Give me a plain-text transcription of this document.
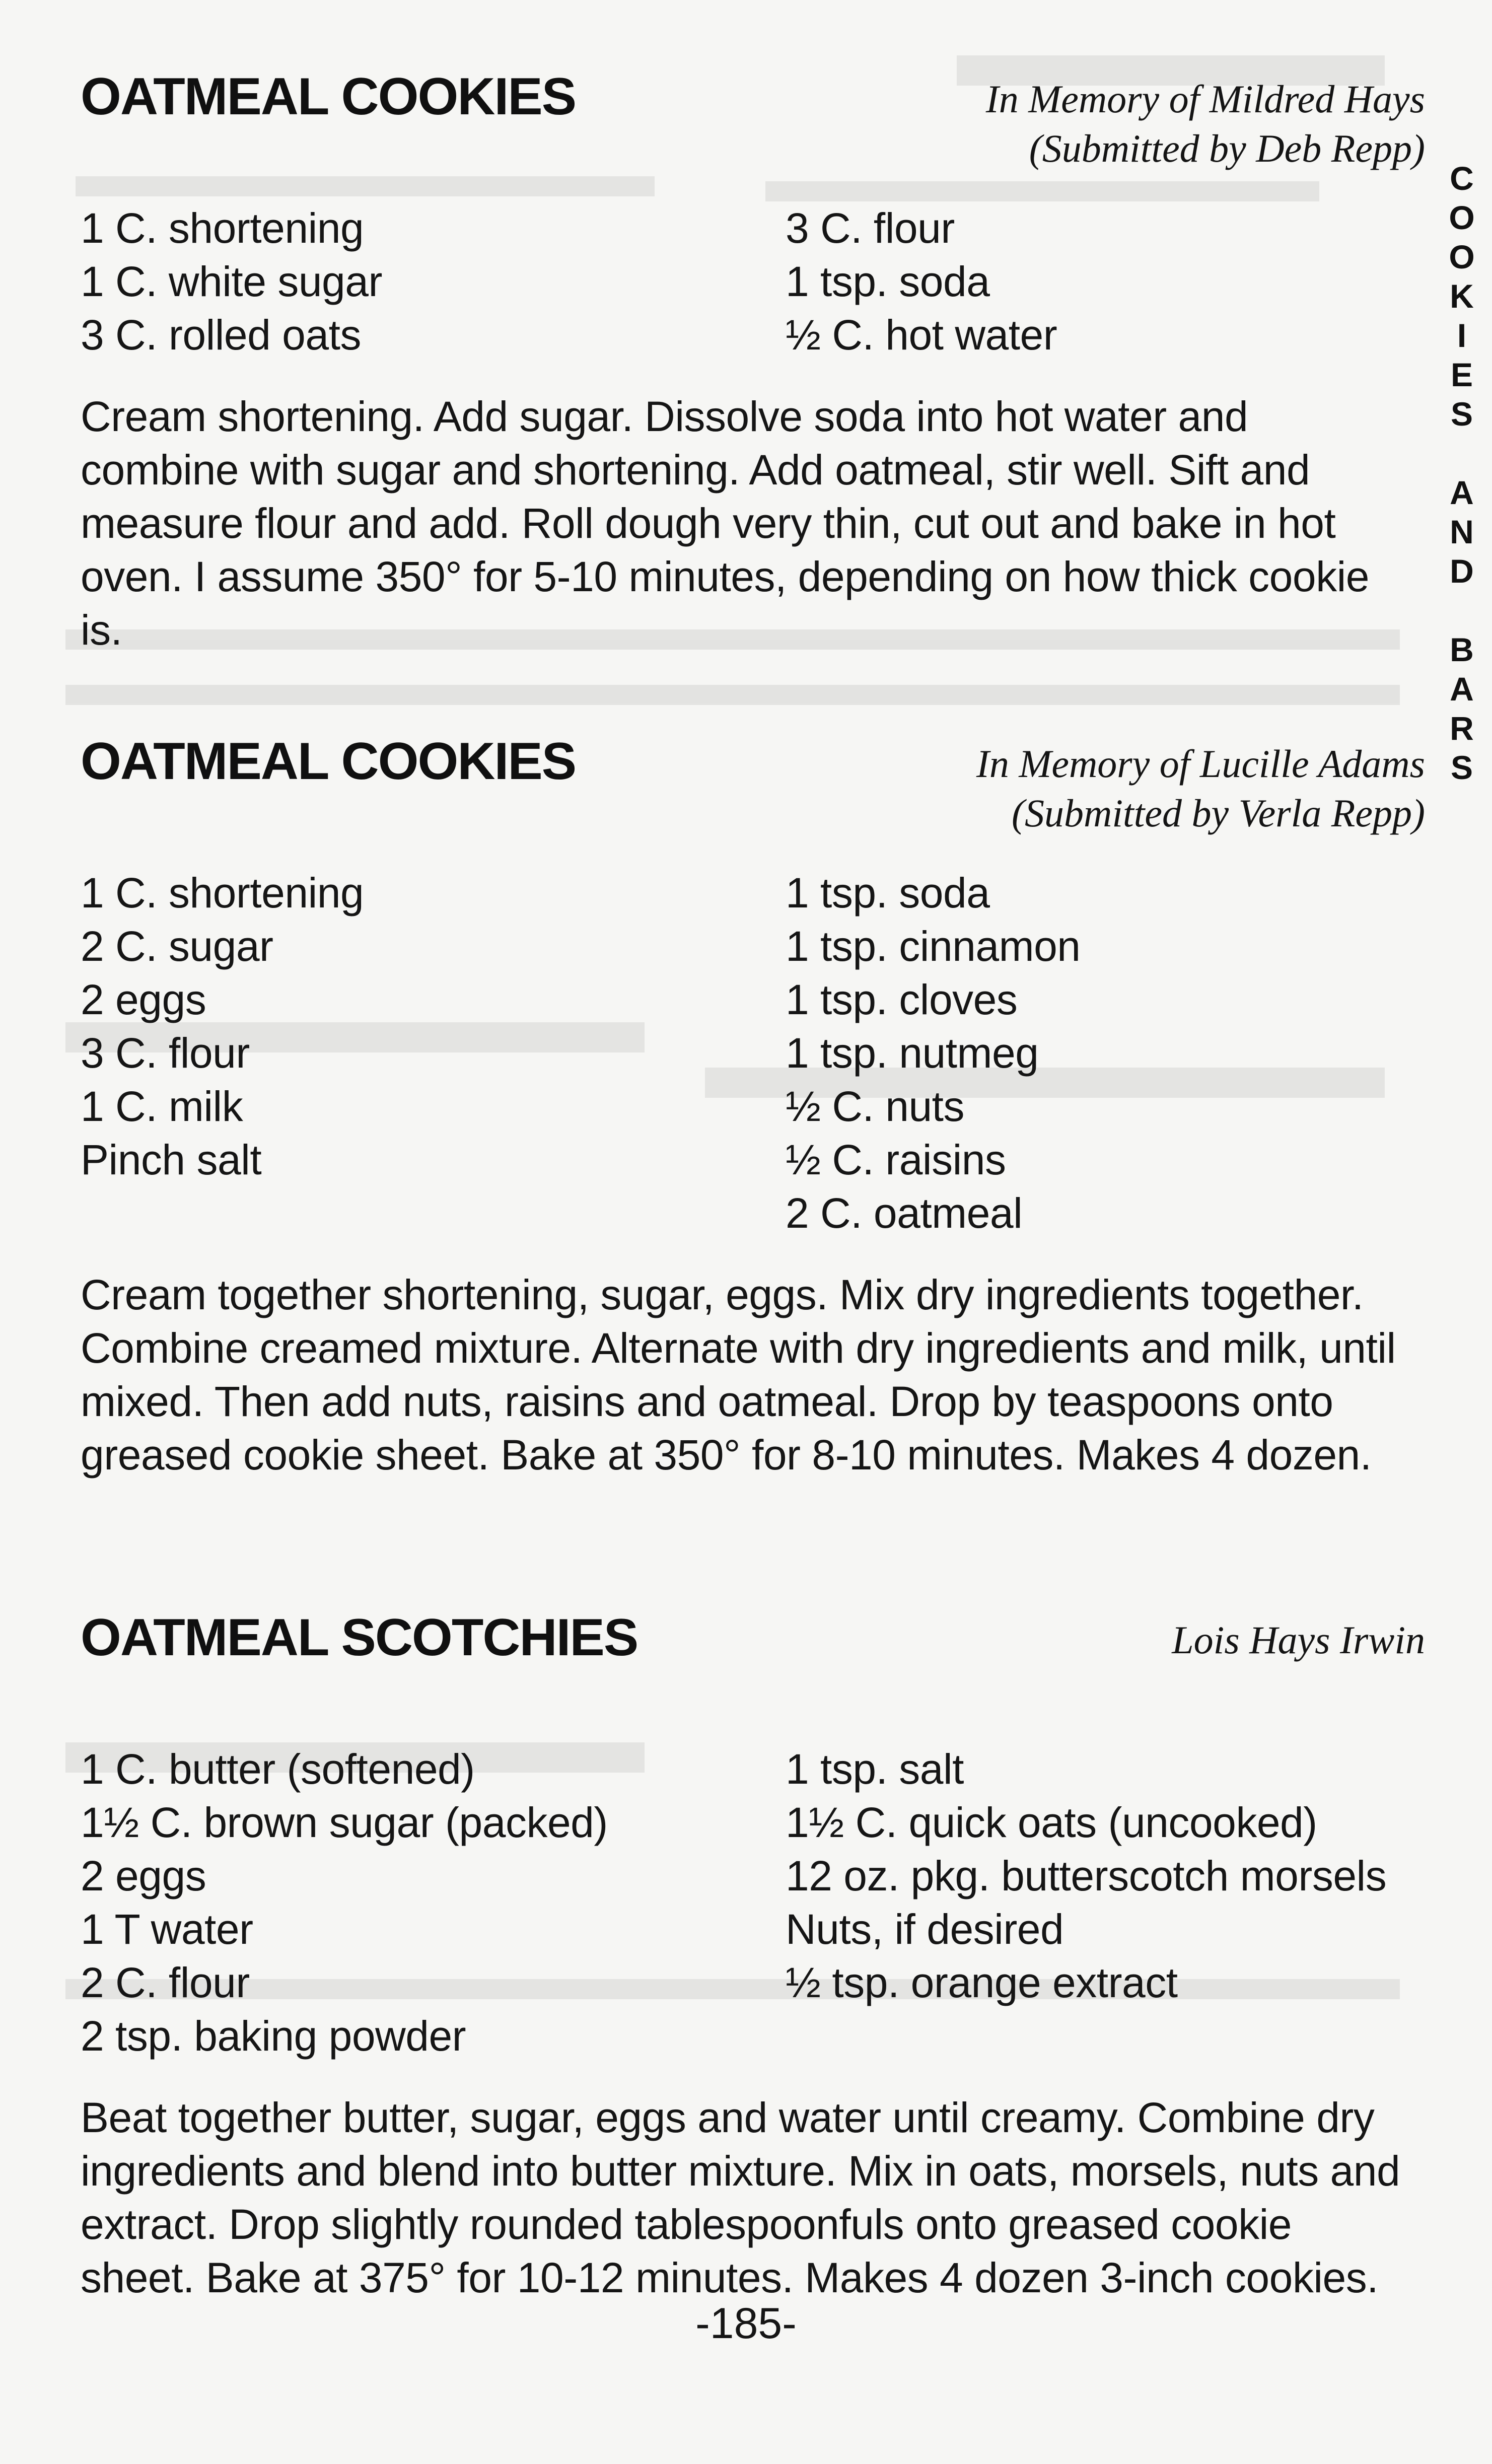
OATMEAL COOKIES	In Memory of Mildred Hays
(Submitted by Deb Repp)
1 C. shortening
1 C. white sugar
3 C. rolled oats
3 C. flour
1 tsp. soda
½ C. hot water

Cream shortening. Add sugar. Dissolve soda into hot water and combine with sugar and shortening. Add oatmeal, stir well. Sift and measure flour and add. Roll dough very thin, cut out and bake in hot oven. I assume 350° for 5-10 minutes, depending on how thick cookie is.

OATMEAL COOKIES	In Memory of Lucille Adams
(Submitted by Verla Repp)
1 C. shortening
2 C. sugar
2 eggs
3 C. flour
1 C. milk
Pinch salt
1 tsp. soda
1 tsp. cinnamon
1 tsp. cloves
1 tsp. nutmeg
½ C. nuts
½ C. raisins
2 C. oatmeal

Cream together shortening, sugar, eggs. Mix dry ingredients together. Combine creamed mixture. Alternate with dry ingredients and milk, until mixed. Then add nuts, raisins and oatmeal. Drop by teaspoons onto greased cookie sheet. Bake at 350° for 8-10 minutes. Makes 4 dozen.

OATMEAL SCOTCHIES	Lois Hays Irwin
1 C. butter (softened)
1½ C. brown sugar (packed)
2 eggs
1 T water
2 C. flour
2 tsp. baking powder
1 tsp. salt
1½ C. quick oats (uncooked)
12 oz. pkg. butterscotch morsels
Nuts, if desired
½ tsp. orange extract

Beat together butter, sugar, eggs and water until creamy. Combine dry ingredients and blend into butter mixture. Mix in oats, morsels, nuts and extract. Drop slightly rounded tablespoonfuls onto greased cookie sheet. Bake at 375° for 10-12 minutes. Makes 4 dozen 3-inch cookies.

C
O
O
K
I
E
S
A
N
D
B
A
R
S
-185-
